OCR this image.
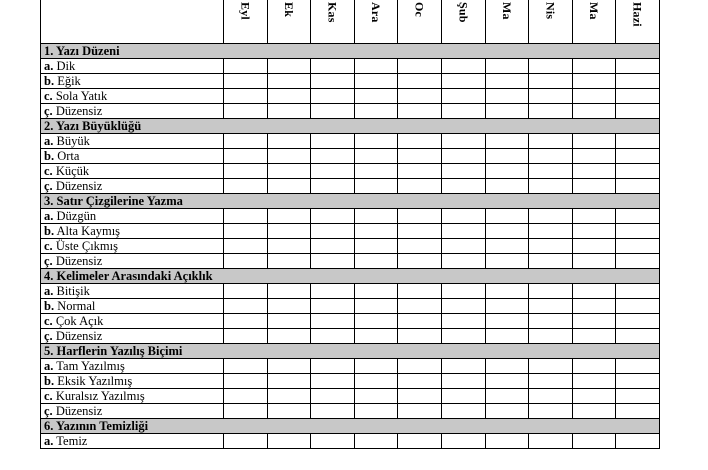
	Eyl	Ek	Kas	Ara	Oc	Şub	Ma	Nis	Ma	Hazi

1. Yazı Düzeni										
a. Dik										
b. Eğik										
c. Sola Yatık										
ç. Düzensiz										
2. Yazı Büyüklüğü										
a. Büyük										
b. Orta										
c. Küçük										
ç. Düzensiz										
3. Satır Çizgilerine Yazma										
a. Düzgün										
b. Alta Kaymış										
c. Üste Çıkmış										
ç. Düzensiz										
4. Kelimeler Arasındaki Açıklık										
a. Bitişik										
b. Normal										
c. Çok Açık										
ç. Düzensiz										
5. Harflerin Yazılış Biçimi										
a. Tam Yazılmış										
b. Eksik Yazılmış										
c. Kuralsız Yazılmış										
ç. Düzensiz										
6. Yazının Temizliği										
a. Temiz										
